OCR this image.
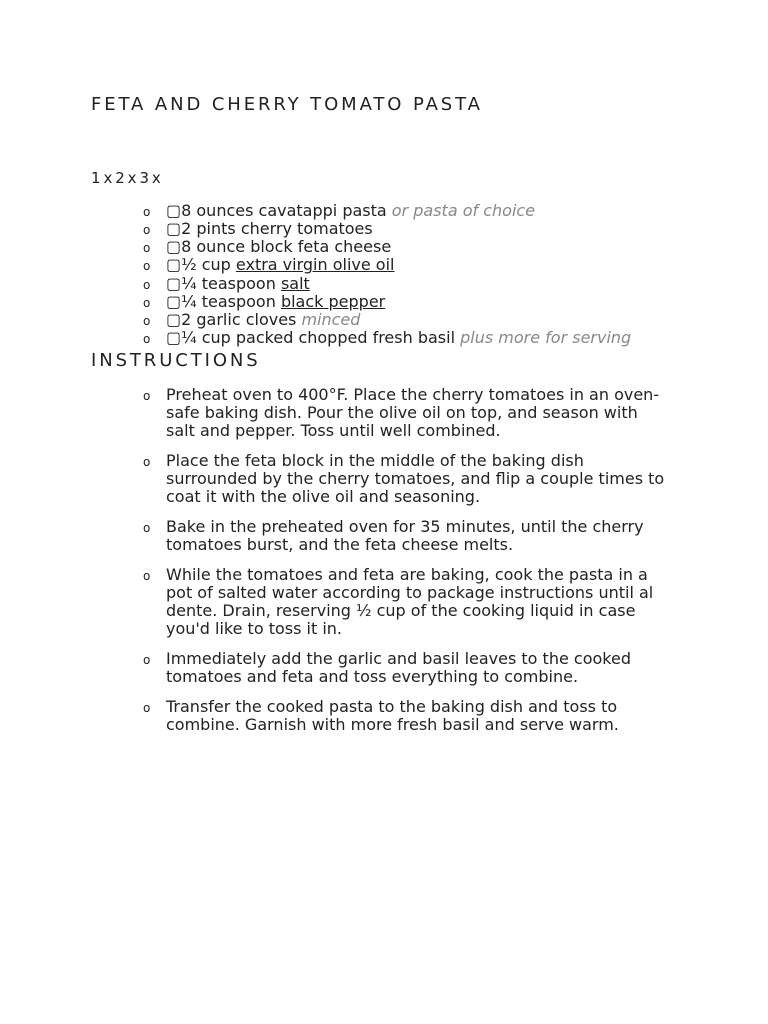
FETA AND CHERRY TOMATO PASTA
1x2x3x
o ▢8 ounces cavatappi pasta or pasta of choice
o ▢2 pints cherry tomatoes
o ▢8 ounce block feta cheese
o ▢½ cup extra virgin olive oil
o ▢¼ teaspoon salt
o ▢¼ teaspoon black pepper
o ▢2 garlic cloves minced
o ▢¼ cup packed chopped fresh basil plus more for serving
INSTRUCTIONS
o Preheat oven to 400°F. Place the cherry tomatoes in an oven-
safe baking dish. Pour the olive oil on top, and season with
salt and pepper. Toss until well combined.
o Place the feta block in the middle of the baking dish
surrounded by the cherry tomatoes, and flip a couple times to
coat it with the olive oil and seasoning.
o Bake in the preheated oven for 35 minutes, until the cherry
tomatoes burst, and the feta cheese melts.
o While the tomatoes and feta are baking, cook the pasta in a
pot of salted water according to package instructions until al
dente. Drain, reserving ½ cup of the cooking liquid in case
you'd like to toss it in.
o Immediately add the garlic and basil leaves to the cooked
tomatoes and feta and toss everything to combine.
o Transfer the cooked pasta to the baking dish and toss to
combine. Garnish with more fresh basil and serve warm.
